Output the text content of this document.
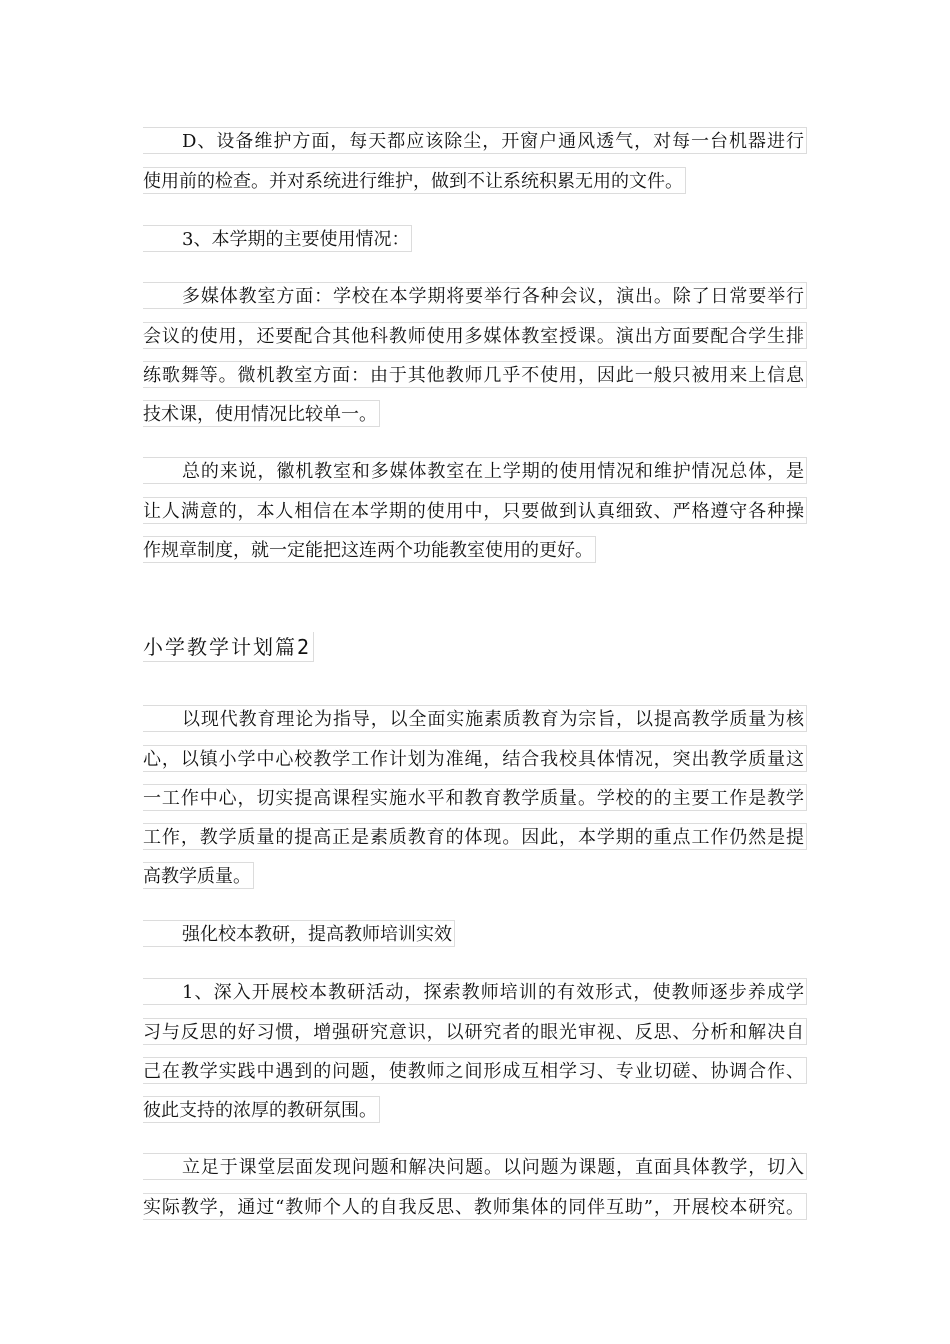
D、设备维护方面，每天都应该除尘，开窗户通风透气，对每一台机器进行
使用前的检查。并对系统进行维护，做到不让系统积累无用的文件。
3、本学期的主要使用情况：
多媒体教室方面：学校在本学期将要举行各种会议，演出。除了日常要举行
会议的使用，还要配合其他科教师使用多媒体教室授课。演出方面要配合学生排
练歌舞等。微机教室方面：由于其他教师几乎不使用，因此一般只被用来上信息
技术课，使用情况比较单一。
总的来说，徽机教室和多媒体教室在上学期的使用情况和维护情况总体，是
让人满意的，本人相信在本学期的使用中，只要做到认真细致、严格遵守各种操
作规章制度，就一定能把这连两个功能教室使用的更好。
小学教学计划篇2
以现代教育理论为指导，以全面实施素质教育为宗旨，以提高教学质量为核
心，以镇小学中心校教学工作计划为准绳，结合我校具体情况，突出教学质量这
一工作中心，切实提高课程实施水平和教育教学质量。学校的的主要工作是教学
工作，教学质量的提高正是素质教育的体现。因此，本学期的重点工作仍然是提
高教学质量。
强化校本教研，提高教师培训实效
1、深入开展校本教研活动，探索教师培训的有效形式，使教师逐步养成学
习与反思的好习惯，增强研究意识，以研究者的眼光审视、反思、分析和解决自
己在教学实践中遇到的问题，使教师之间形成互相学习、专业切磋、协调合作、
彼此支持的浓厚的教研氛围。
立足于课堂层面发现问题和解决问题。以问题为课题，直面具体教学，切入
实际教学，通过“教师个人的自我反思、教师集体的同伴互助”，开展校本研究。
